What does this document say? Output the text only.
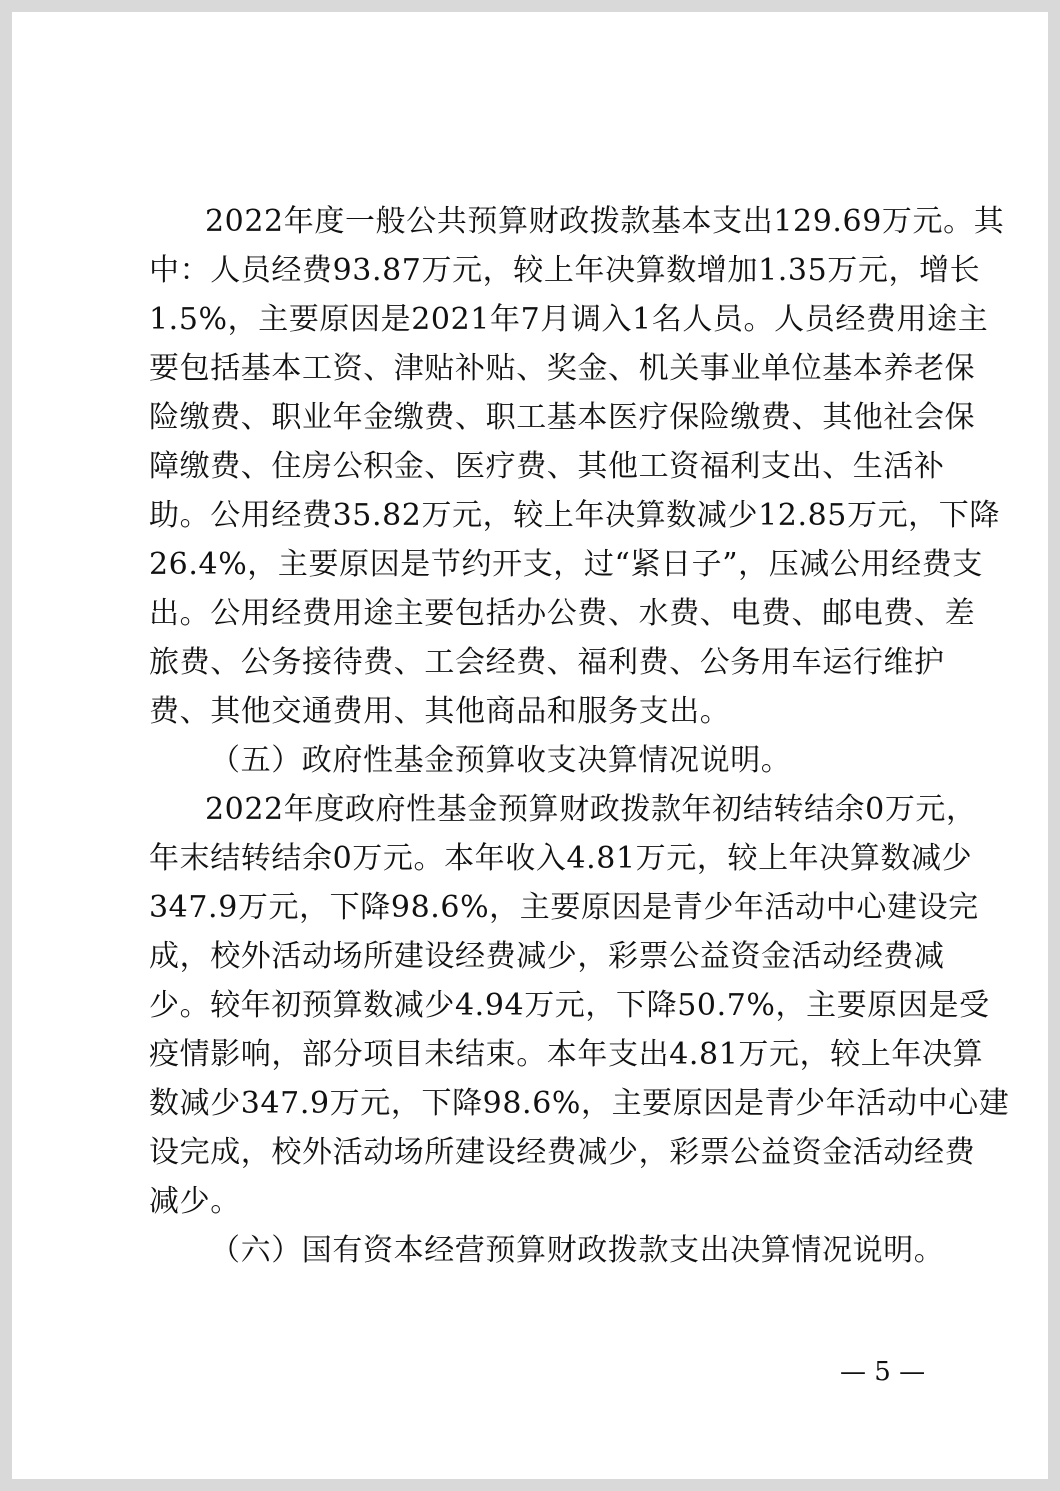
2022年度一般公共预算财政拨款基本支出129.69万元。其
中：人员经费93.87万元，较上年决算数增加1.35万元，增长
1.5%，主要原因是2021年7月调入1名人员。人员经费用途主
要包括基本工资、津贴补贴、奖金、机关事业单位基本养老保
险缴费、职业年金缴费、职工基本医疗保险缴费、其他社会保
障缴费、住房公积金、医疗费、其他工资福利支出、生活补
助。公用经费35.82万元，较上年决算数减少12.85万元，下降
26.4%，主要原因是节约开支，过“紧日子”，压减公用经费支
出。公用经费用途主要包括办公费、水费、电费、邮电费、差
旅费、公务接待费、工会经费、福利费、公务用车运行维护
费、其他交通费用、其他商品和服务支出。
（五）政府性基金预算收支决算情况说明。
2022年度政府性基金预算财政拨款年初结转结余0万元，
年末结转结余0万元。本年收入4.81万元，较上年决算数减少
347.9万元，下降98.6%，主要原因是青少年活动中心建设完
成，校外活动场所建设经费减少，彩票公益资金活动经费减
少。较年初预算数减少4.94万元，下降50.7%，主要原因是受
疫情影响，部分项目未结束。本年支出4.81万元，较上年决算
数减少347.9万元，下降98.6%，主要原因是青少年活动中心建
设完成，校外活动场所建设经费减少，彩票公益资金活动经费
减少。
（六）国有资本经营预算财政拨款支出决算情况说明。
— 5 —
